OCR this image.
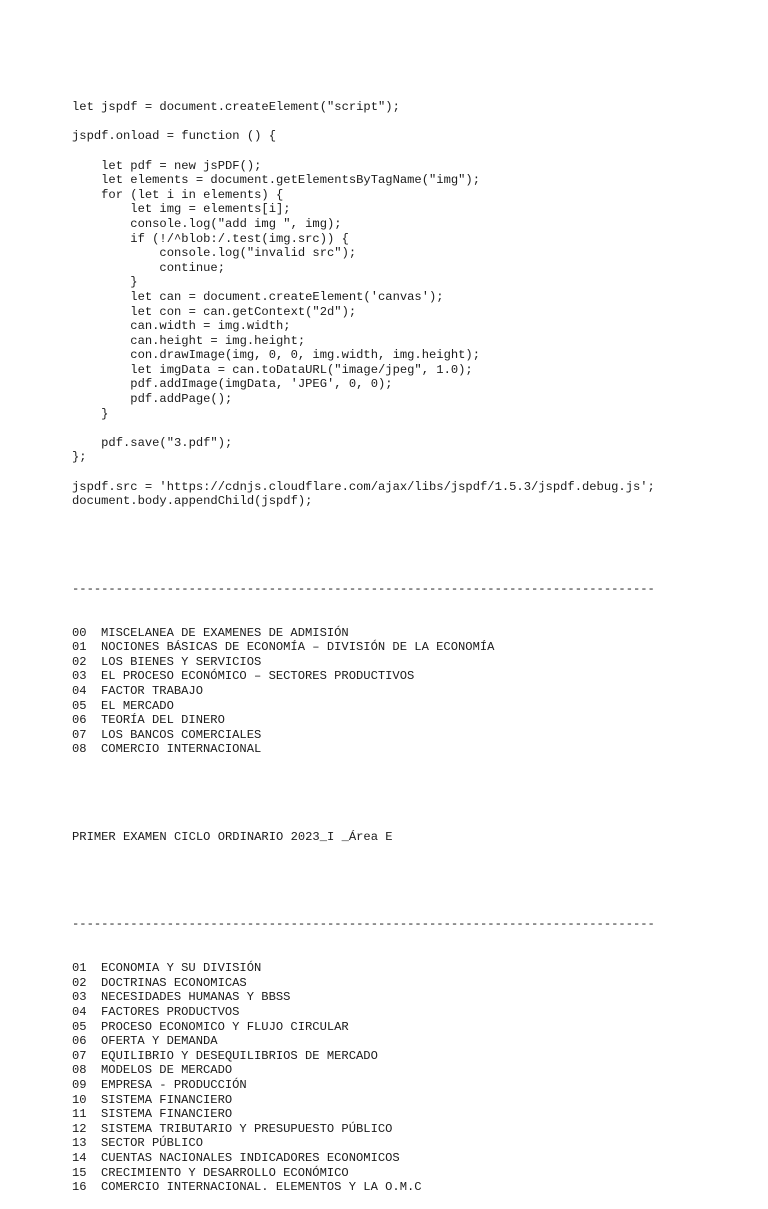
let jspdf = document.createElement("script");
jspdf.onload = function () {
let pdf = new jsPDF();
let elements = document.getElementsByTagName("img");
for (let i in elements) {
let img = elements[i];
console.log("add img ", img);
if (!/^blob:/.test(img.src)) {
console.log("invalid src");
continue;
}
let can = document.createElement('canvas');
let con = can.getContext("2d");
can.width = img.width;
can.height = img.height;
con.drawImage(img, 0, 0, img.width, img.height);
let imgData = can.toDataURL("image/jpeg", 1.0);
pdf.addImage(imgData, 'JPEG', 0, 0);
pdf.addPage();
}
pdf.save("3.pdf");
};
jspdf.src = 'https://cdnjs.cloudflare.com/ajax/libs/jspdf/1.5.3/jspdf.debug.js';
document.body.appendChild(jspdf);

--------------------------------------------------------------------------------

00 MISCELANEA DE EXAMENES DE ADMISIÓN
01 NOCIONES BÁSICAS DE ECONOMÍA – DIVISIÓN DE LA ECONOMÍA
02 LOS BIENES Y SERVICIOS
03 EL PROCESO ECONÓMICO – SECTORES PRODUCTIVOS
04 FACTOR TRABAJO
05 EL MERCADO
06 TEORÍA DEL DINERO
07 LOS BANCOS COMERCIALES
08 COMERCIO INTERNACIONAL

PRIMER EXAMEN CICLO ORDINARIO 2023_I _Área E

--------------------------------------------------------------------------------

01 ECONOMIA Y SU DIVISIÓN
02 DOCTRINAS ECONOMICAS
03 NECESIDADES HUMANAS Y BBSS
04 FACTORES PRODUCTVOS
05 PROCESO ECONOMICO Y FLUJO CIRCULAR
06 OFERTA Y DEMANDA
07 EQUILIBRIO Y DESEQUILIBRIOS DE MERCADO
08 MODELOS DE MERCADO
09 EMPRESA - PRODUCCIÓN
10 SISTEMA FINANCIERO
11 SISTEMA FINANCIERO
12 SISTEMA TRIBUTARIO Y PRESUPUESTO PÚBLICO
13 SECTOR PÚBLICO
14 CUENTAS NACIONALES INDICADORES ECONOMICOS
15 CRECIMIENTO Y DESARROLLO ECONÓMICO
16 COMERCIO INTERNACIONAL. ELEMENTOS Y LA O.M.C
